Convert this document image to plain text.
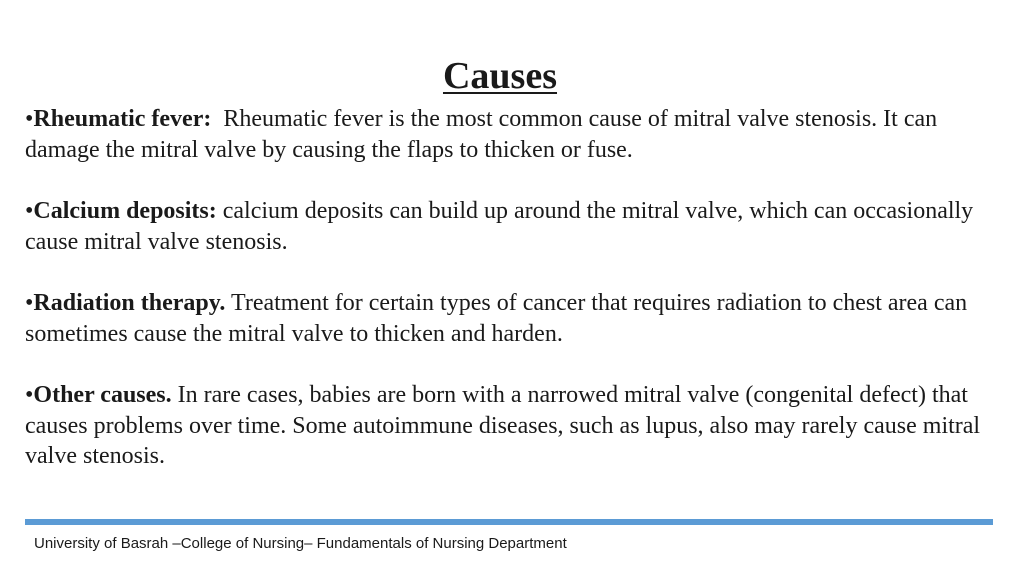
Causes

•Rheumatic fever: Rheumatic fever is the most common cause of mitral valve stenosis. It can damage the mitral valve by causing the flaps to thicken or fuse.

•Calcium deposits: calcium deposits can build up around the mitral valve, which can occasionally cause mitral valve stenosis.

•Radiation therapy. Treatment for certain types of cancer that requires radiation to chest area can sometimes cause the mitral valve to thicken and harden.

•Other causes. In rare cases, babies are born with a narrowed mitral valve (congenital defect) that causes problems over time. Some autoimmune diseases, such as lupus, also may rarely cause mitral valve stenosis.

University of Basrah –College of Nursing– Fundamentals of Nursing Department
